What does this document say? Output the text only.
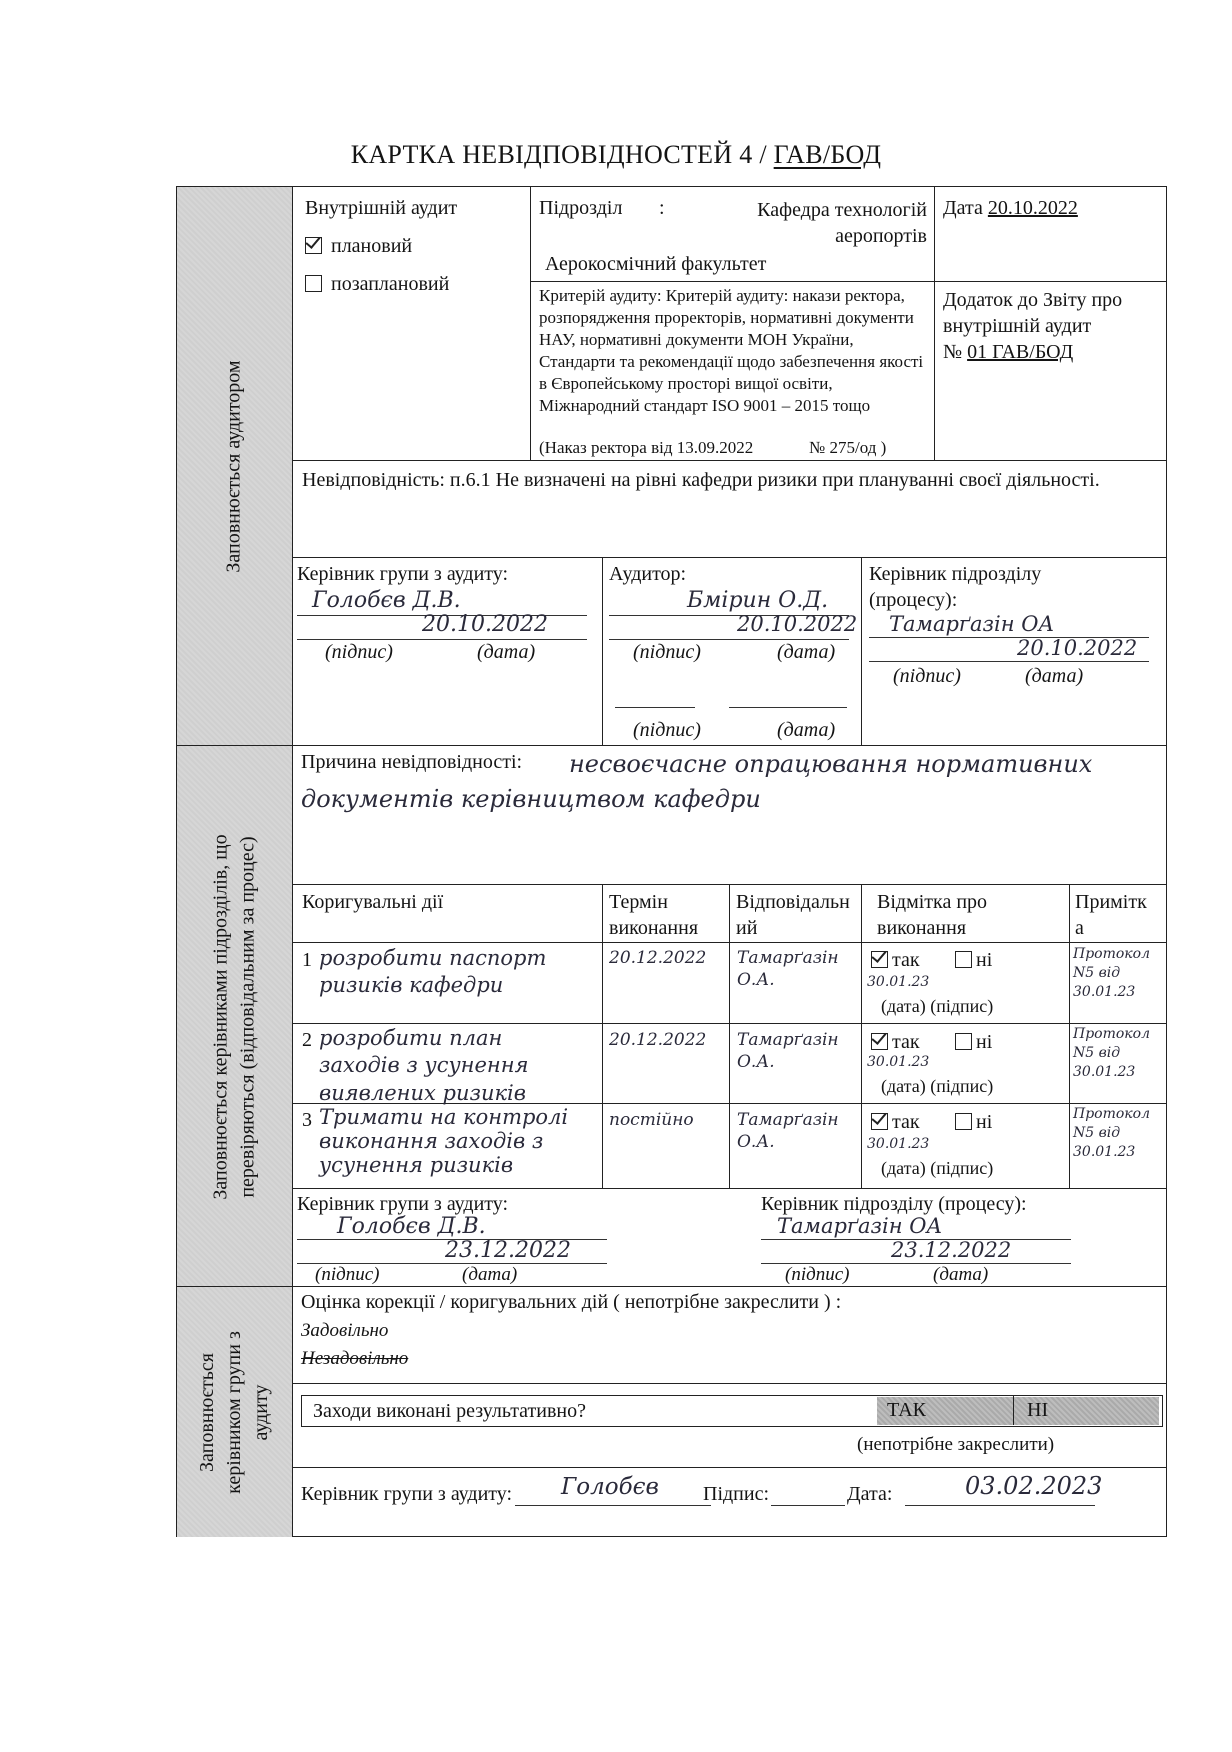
КАРТКА НЕВІДПОВІДНОСТЕЙ 4 / ГАВ/БОД
Заповнюється аудитором
Заповнюється керівниками підрозділів, що перевіряються (відповідальним за процес)
Заповнюється керівником групи з аудиту
Внутрішній аудит
плановий
позаплановий
Підрозділ :	Кафедра технологій аеропортів
Аерокосмічний факультет
Дата 20.10.2022
Критерій аудиту: Критерій аудиту: накази ректора, розпорядження проректорів, нормативні документи НАУ, нормативні документи МОН України, Стандарти та рекомендації щодо забезпечення якості в Європейському просторі вищої освіти, Міжнародний стандарт ISO 9001 – 2015 тощо
(Наказ ректора від 13.09.2022	№ 275/од )
Додаток до Звіту про
внутрішній аудит
№ 01 ГАВ/БОД
Невідповідність: п.6.1 Не визначені на рівні кафедри ризики при плануванні своєї діяльності.
Керівник групи з аудиту:
Голобєв Д.В.
20.10.2022
(підпис)	(дата)
Аудитор:
Бмірин О.Д.
20.10.2022
(підпис)	(дата)
(підпис)	(дата)
Керівник підрозділу
(процесу):
Тамарґазін ОА
20.10.2022
(підпис)	(дата)
Причина невідповідності:	несвоєчасне опрацювання нормативних документів керівництвом кафедри
Коригувальні дії	Термін виконання
Відповідальний
Відмітка про виконання
Примітка
1 розробити паспорт ризиків кафедри
20.12.2022 Тамарґазін О.А.
так	ні
30.01.23
(дата) (підпис)
Протокол N5 від 30.01.23
2 розробити план заходів з усунення виявлених ризиків
20.12.2022 Тамарґазін О.А.
так	ні
30.01.23
(дата) (підпис)
Протокол N5 від 30.01.23
3 Тримати на контролі виконання заходів з усунення ризиків
постійно	Тамарґазін О.А.
так	ні
30.01.23
(дата) (підпис)
Протокол N5 від 30.01.23
Керівник групи з аудиту:
Голобєв Д.В.
23.12.2022
(підпис)	(дата)
Керівник підрозділу (процесу):
Тамарґазін ОА
23.12.2022
(підпис)	(дата)
Оцінка корекції / коригувальних дій ( непотрібне закреслити ) :
Задовільно
Незадовільно
Заходи виконані результативно?	ТАК	НІ
(непотрібне закреслити)
Керівник групи з аудиту: Голобєв Підпис:	Дата:	03.02.2023
